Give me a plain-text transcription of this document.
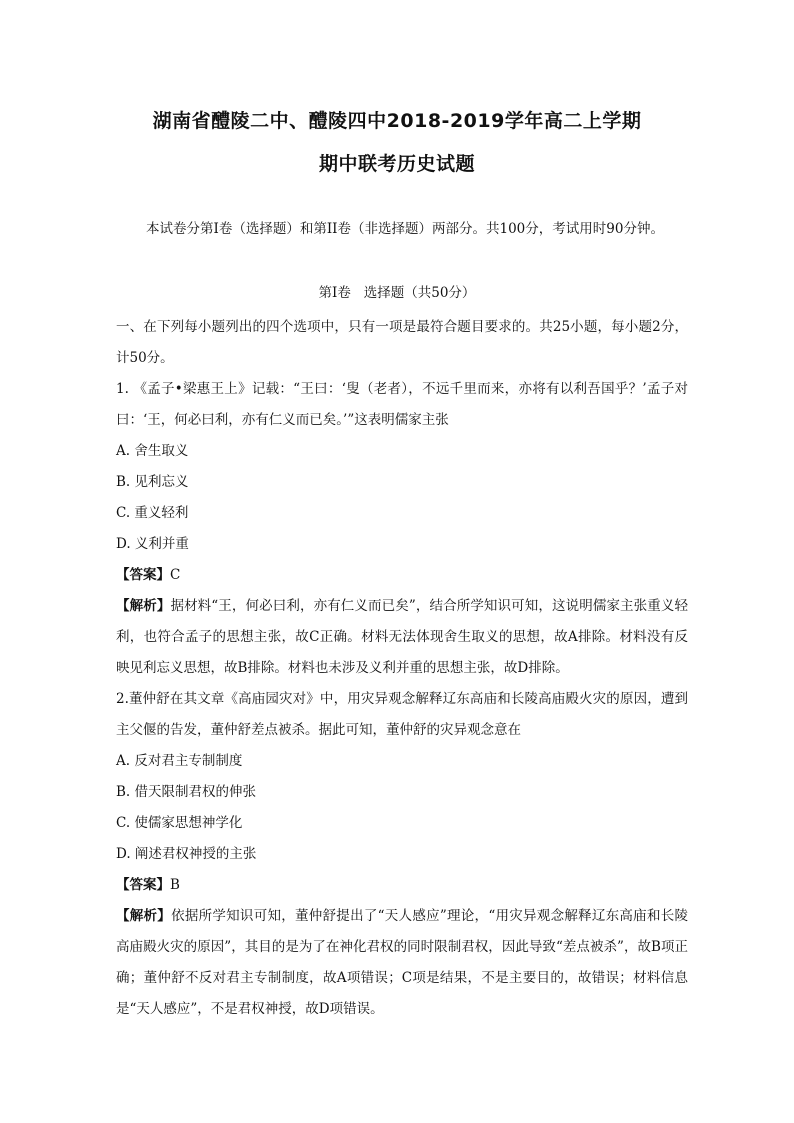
湖南省醴陵二中、醴陵四中2018-2019学年高二上学期
期中联考历史试题
本试卷分第I卷（选择题）和第II卷（非选择题）两部分。共100分，考试用时90分钟。
第I卷   选择题（共50分）

一、在下列每小题列出的四个选项中，只有一项是最符合题目要求的。共25小题，每小题2分，计50分。

1. 《孟子•梁惠王上》记载：“王曰：‘叟（老者），不远千里而来，亦将有以利吾国乎？’孟子对曰：‘王，何必曰利，亦有仁义而已矣。’”这表明儒家主张

A. 舍生取义
B. 见利忘义
C. 重义轻利
D. 义利并重
【答案】C

【解析】据材料“王，何必曰利，亦有仁义而已矣”，结合所学知识可知，这说明儒家主张重义轻利，也符合孟子的思想主张，故C正确。材料无法体现舍生取义的思想，故A排除。材料没有反映见利忘义思想，故B排除。材料也未涉及义利并重的思想主张，故D排除。

2.董仲舒在其文章《高庙园灾对》中，用灾异观念解释辽东高庙和长陵高庙殿火灾的原因，遭到主父偃的告发，董仲舒差点被杀。据此可知，董仲舒的灾异观念意在

A. 反对君主专制制度
B. 借天限制君权的伸张
C. 使儒家思想神学化
D. 阐述君权神授的主张
【答案】B

【解析】依据所学知识可知，董仲舒提出了“天人感应”理论，“用灾异观念解释辽东高庙和长陵高庙殿火灾的原因”，其目的是为了在神化君权的同时限制君权，因此导致“差点被杀”，故B项正确；董仲舒不反对君主专制制度，故A项错误；C项是结果，不是主要目的，故错误；材料信息是“天人感应”，不是君权神授，故D项错误。
